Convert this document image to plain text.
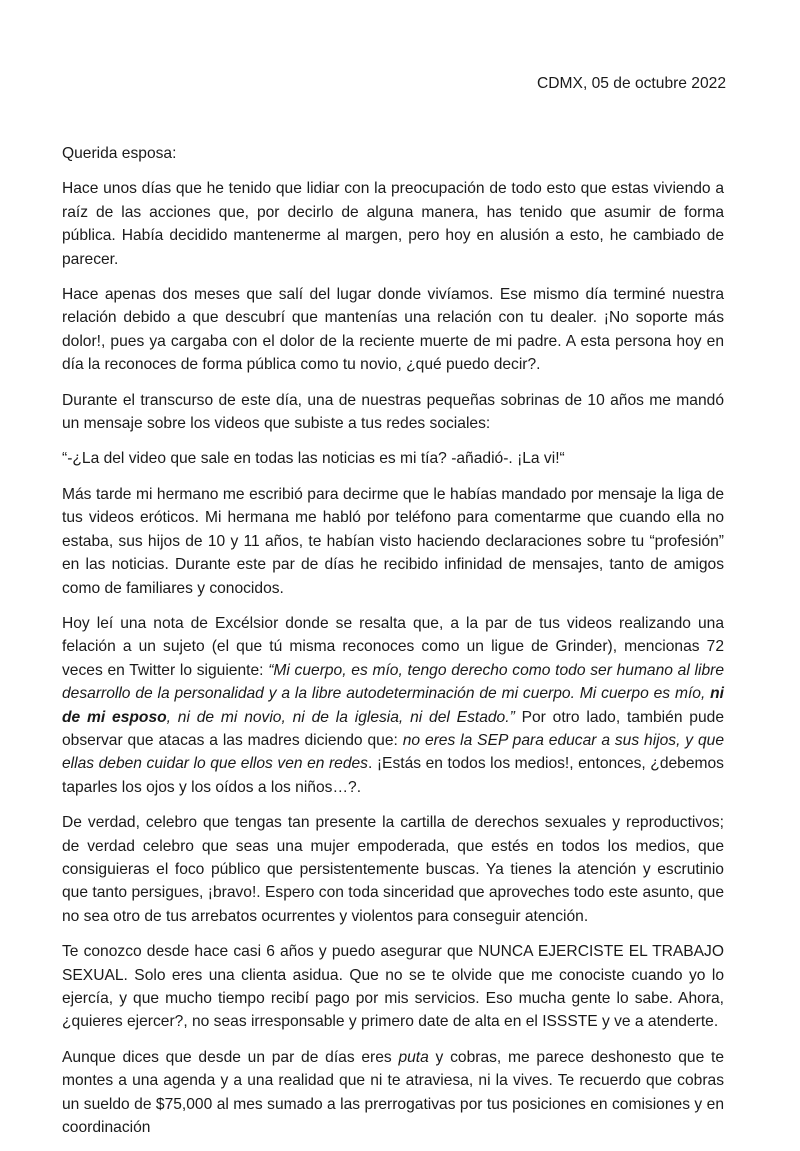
CDMX, 05 de octubre 2022

Querida esposa:

Hace unos días que he tenido que lidiar con la preocupación de todo esto que estas viviendo a raíz de las acciones que, por decirlo de alguna manera, has tenido que asumir de forma pública. Había decidido mantenerme al margen, pero hoy en alusión a esto, he cambiado de parecer.

Hace apenas dos meses que salí del lugar donde vivíamos. Ese mismo día terminé nuestra relación debido a que descubrí que mantenías una relación con tu dealer. ¡No soporte más dolor!, pues ya cargaba con el dolor de la reciente muerte de mi padre. A esta persona hoy en día la reconoces de forma pública como tu novio, ¿qué puedo decir?.

Durante el transcurso de este día, una de nuestras pequeñas sobrinas de 10 años me mandó un mensaje sobre los videos que subiste a tus redes sociales:

“-¿La del video que sale en todas las noticias es mi tía? -añadió-. ¡La vi!“

Más tarde mi hermano me escribió para decirme que le habías mandado por mensaje la liga de tus videos eróticos. Mi hermana me habló por teléfono para comentarme que cuando ella no estaba, sus hijos de 10 y 11 años, te habían visto haciendo declaraciones sobre tu “profesión” en las noticias. Durante este par de días he recibido infinidad de mensajes, tanto de amigos como de familiares y conocidos.

Hoy leí una nota de Excélsior donde se resalta que, a la par de tus videos realizando una felación a un sujeto (el que tú misma reconoces como un ligue de Grinder), mencionas 72 veces en Twitter lo siguiente: “Mi cuerpo, es mío, tengo derecho como todo ser humano al libre desarrollo de la personalidad y a la libre autodeterminación de mi cuerpo. Mi cuerpo es mío, ni de mi esposo, ni de mi novio, ni de la iglesia, ni del Estado.” Por otro lado, también pude observar que atacas a las madres diciendo que: no eres la SEP para educar a sus hijos, y que ellas deben cuidar lo que ellos ven en redes. ¡Estás en todos los medios!, entonces, ¿debemos taparles los ojos y los oídos a los niños…?.

De verdad, celebro que tengas tan presente la cartilla de derechos sexuales y reproductivos; de verdad celebro que seas una mujer empoderada, que estés en todos los medios, que consiguieras el foco público que persistentemente buscas. Ya tienes la atención y escrutinio que tanto persigues, ¡bravo!. Espero con toda sinceridad que aproveches todo este asunto, que no sea otro de tus arrebatos ocurrentes y violentos para conseguir atención.

Te conozco desde hace casi 6 años y puedo asegurar que NUNCA EJERCISTE EL TRABAJO SEXUAL. Solo eres una clienta asidua. Que no se te olvide que me conociste cuando yo lo ejercía, y que mucho tiempo recibí pago por mis servicios. Eso mucha gente lo sabe. Ahora, ¿quieres ejercer?, no seas irresponsable y primero date de alta en el ISSSTE y ve a atenderte.

Aunque dices que desde un par de días eres puta y cobras, me parece deshonesto que te montes a una agenda y a una realidad que ni te atraviesa, ni la vives. Te recuerdo que cobras un sueldo de $75,000 al mes sumado a las prerrogativas por tus posiciones en comisiones y en coordinación
